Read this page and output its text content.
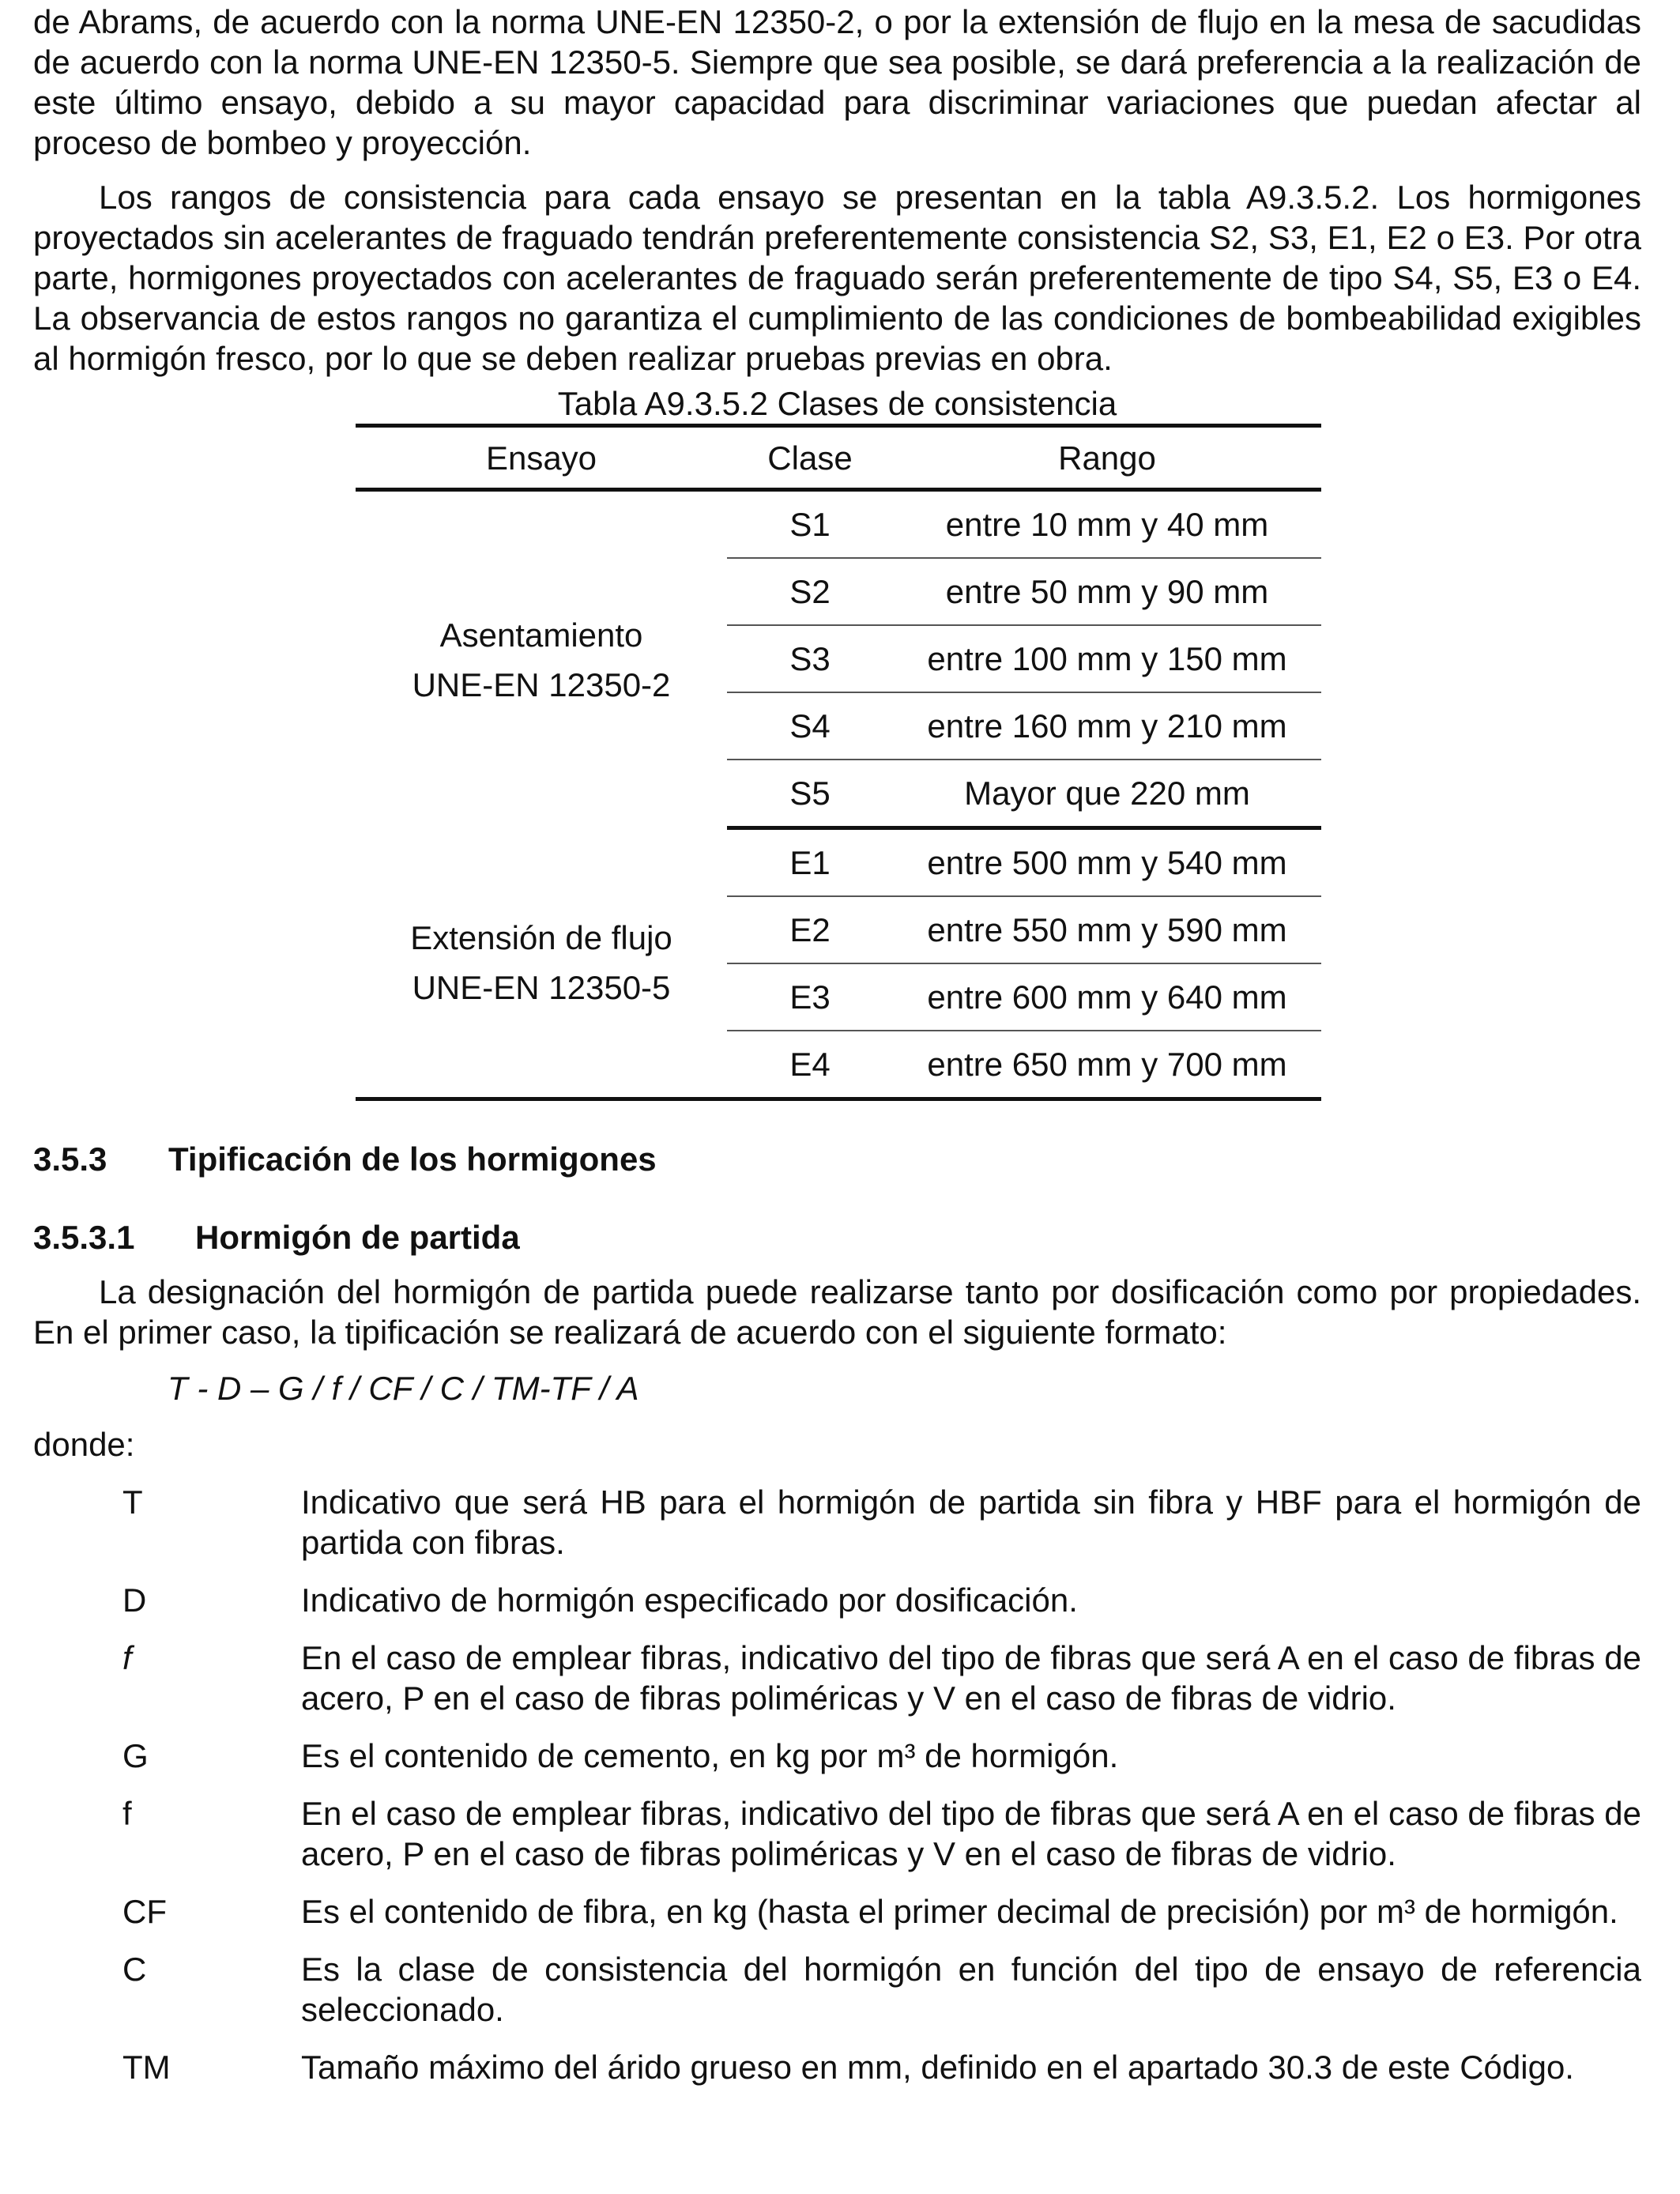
de Abrams, de acuerdo con la norma UNE-EN 12350-2, o por la extensión de flujo en la mesa de sacudidas de acuerdo con la norma UNE-EN 12350-5. Siempre que sea posible, se dará preferencia a la realización de este último ensayo, debido a su mayor capacidad para discriminar variaciones que puedan afectar al proceso de bombeo y proyección.

Los rangos de consistencia para cada ensayo se presentan en la tabla A9.3.5.2. Los hormigones proyectados sin acelerantes de fraguado tendrán preferentemente consistencia S2, S3, E1, E2 o E3. Por otra parte, hormigones proyectados con acelerantes de fraguado serán preferentemente de tipo S4, S5, E3 o E4. La observancia de estos rangos no garantiza el cumplimiento de las condiciones de bombeabilidad exigibles al hormigón fresco, por lo que se deben realizar pruebas previas en obra.

Tabla A9.3.5.2 Clases de consistencia
Ensayo	Clase	Rango
Asentamiento
UNE-EN 12350-2	S1	entre 10 mm y 40 mm
	S2	entre 50 mm y 90 mm
	S3	entre 100 mm y 150 mm
	S4	entre 160 mm y 210 mm
	S5	Mayor que 220 mm
Extensión de flujo
UNE-EN 12350-5	E1	entre 500 mm y 540 mm
	E2	entre 550 mm y 590 mm
	E3	entre 600 mm y 640 mm
	E4	entre 650 mm y 700 mm
3.5.3	Tipificación de los hormigones
3.5.3.1	Hormigón de partida

La designación del hormigón de partida puede realizarse tanto por dosificación como por propiedades. En el primer caso, la tipificación se realizará de acuerdo con el siguiente formato:

T - D – G / f / CF / C / TM-TF / A
donde:
T	Indicativo que será HB para el hormigón de partida sin fibra y HBF para el hormigón de partida con fibras.
D	Indicativo de hormigón especificado por dosificación.
f	En el caso de emplear fibras, indicativo del tipo de fibras que será A en el caso de fibras de acero, P en el caso de fibras poliméricas y V en el caso de fibras de vidrio.
G	Es el contenido de cemento, en kg por m³ de hormigón.
f	En el caso de emplear fibras, indicativo del tipo de fibras que será A en el caso de fibras de acero, P en el caso de fibras poliméricas y V en el caso de fibras de vidrio.
CF	Es el contenido de fibra, en kg (hasta el primer decimal de precisión) por m³ de hormigón.
C	Es la clase de consistencia del hormigón en función del tipo de ensayo de referencia seleccionado.
TM	Tamaño máximo del árido grueso en mm, definido en el apartado 30.3 de este Código.
